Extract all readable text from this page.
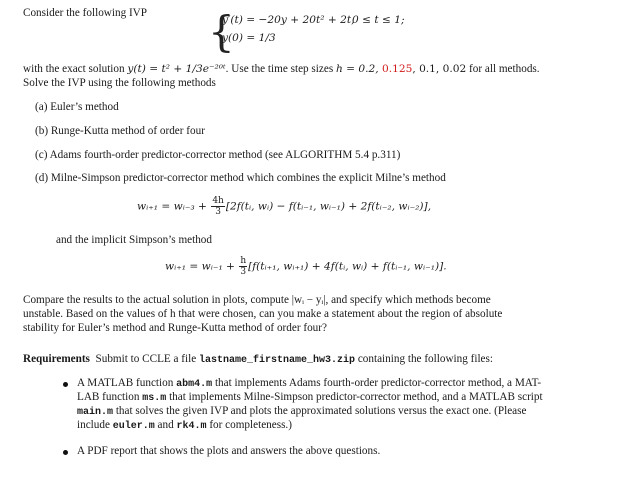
Consider the following IVP {
y′(t) = −20y + 20t² + 2t,
0 ≤ t ≤ 1;
y(0) = 1/3
with the exact solution y(t) = t² + 1/3e⁻²⁰ᵗ. Use the time step sizes h = 0.2, 0.125, 0.1, 0.02 for all methods.
Solve the IVP using the following methods
(a) Euler’s method
(b) Runge-Kutta method of order four
(c) Adams fourth-order predictor-corrector method (see ALGORITHM 5.4 p.311)
(d) Milne-Simpson predictor-corrector method which combines the explicit Milne’s method
wᵢ₊₁ = wᵢ₋₃ + $\frac{4h}{3}$ [2f(tᵢ, wᵢ) − f(tᵢ₋₁, wᵢ₋₁) + 2f(tᵢ₋₂, wᵢ₋₂)],
and the implicit Simpson’s method
wᵢ₊₁ = wᵢ₋₁ + $\frac{h}{3}$ [f(tᵢ₊₁, wᵢ₊₁) + 4f(tᵢ, wᵢ) + f(tᵢ₋₁, wᵢ₋₁)].
Compare the results to the actual solution in plots, compute |wᵢ − yᵢ|, and specify which methods become
unstable. Based on the values of h that were chosen, can you make a statement about the region of absolute
stability for Euler’s method and Runge-Kutta method of order four?
Requirements Submit to CCLE a file lastname_firstname_hw3.zip containing the following files:
A MATLAB function abm4.m that implements Adams fourth-order predictor-corrector method, a MAT-
LAB function ms.m that implements Milne-Simpson predictor-corrector method, and a MATLAB script
main.m that solves the given IVP and plots the approximated solutions versus the exact one. (Please
include euler.m and rk4.m for completeness.)
A PDF report that shows the plots and answers the above questions.
